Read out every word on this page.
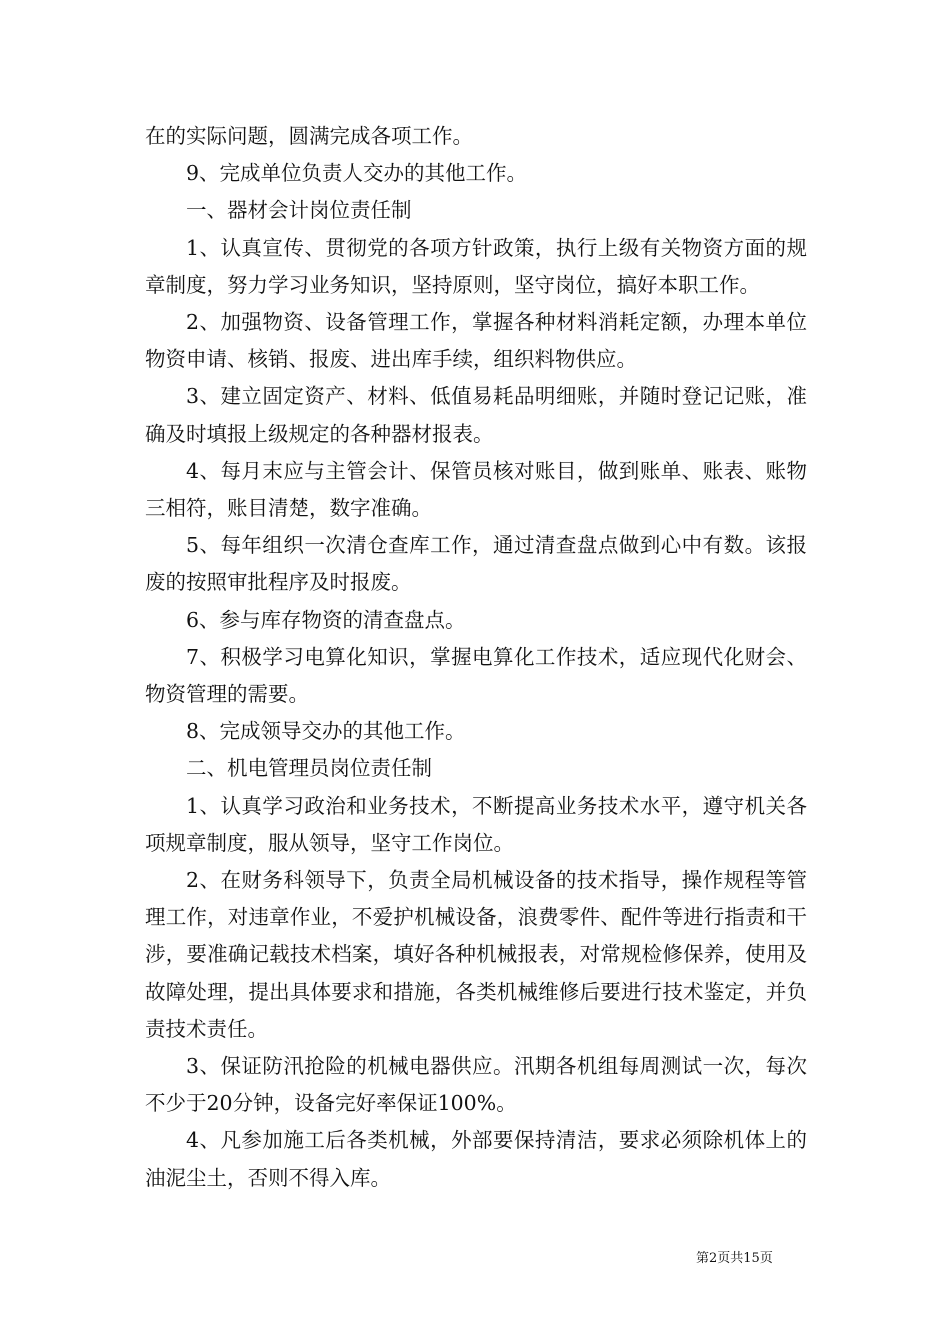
在的实际问题，圆满完成各项工作。

9、完成单位负责人交办的其他工作。

一、器材会计岗位责任制

1、认真宣传、贯彻党的各项方针政策，执行上级有关物资方面的规章制度，努力学习业务知识，坚持原则，坚守岗位，搞好本职工作。

2、加强物资、设备管理工作，掌握各种材料消耗定额，办理本单位物资申请、核销、报废、进出库手续，组织料物供应。

3、建立固定资产、材料、低值易耗品明细账，并随时登记记账，准确及时填报上级规定的各种器材报表。

4、每月末应与主管会计、保管员核对账目，做到账单、账表、账物三相符，账目清楚，数字准确。

5、每年组织一次清仓查库工作，通过清查盘点做到心中有数。该报废的按照审批程序及时报废。

6、参与库存物资的清查盘点。

7、积极学习电算化知识，掌握电算化工作技术，适应现代化财会、物资管理的需要。

8、完成领导交办的其他工作。

二、机电管理员岗位责任制

1、认真学习政治和业务技术，不断提高业务技术水平，遵守机关各项规章制度，服从领导，坚守工作岗位。

2、在财务科领导下，负责全局机械设备的技术指导，操作规程等管理工作，对违章作业，不爱护机械设备，浪费零件、配件等进行指责和干涉，要准确记载技术档案，填好各种机械报表，对常规检修保养，使用及故障处理，提出具体要求和措施，各类机械维修后要进行技术鉴定，并负责技术责任。

3、保证防汛抢险的机械电器供应。汛期各机组每周测试一次，每次不少于20分钟，设备完好率保证100%。

4、凡参加施工后各类机械，外部要保持清洁，要求必须除机体上的油泥尘土，否则不得入库。

第2页共15页
